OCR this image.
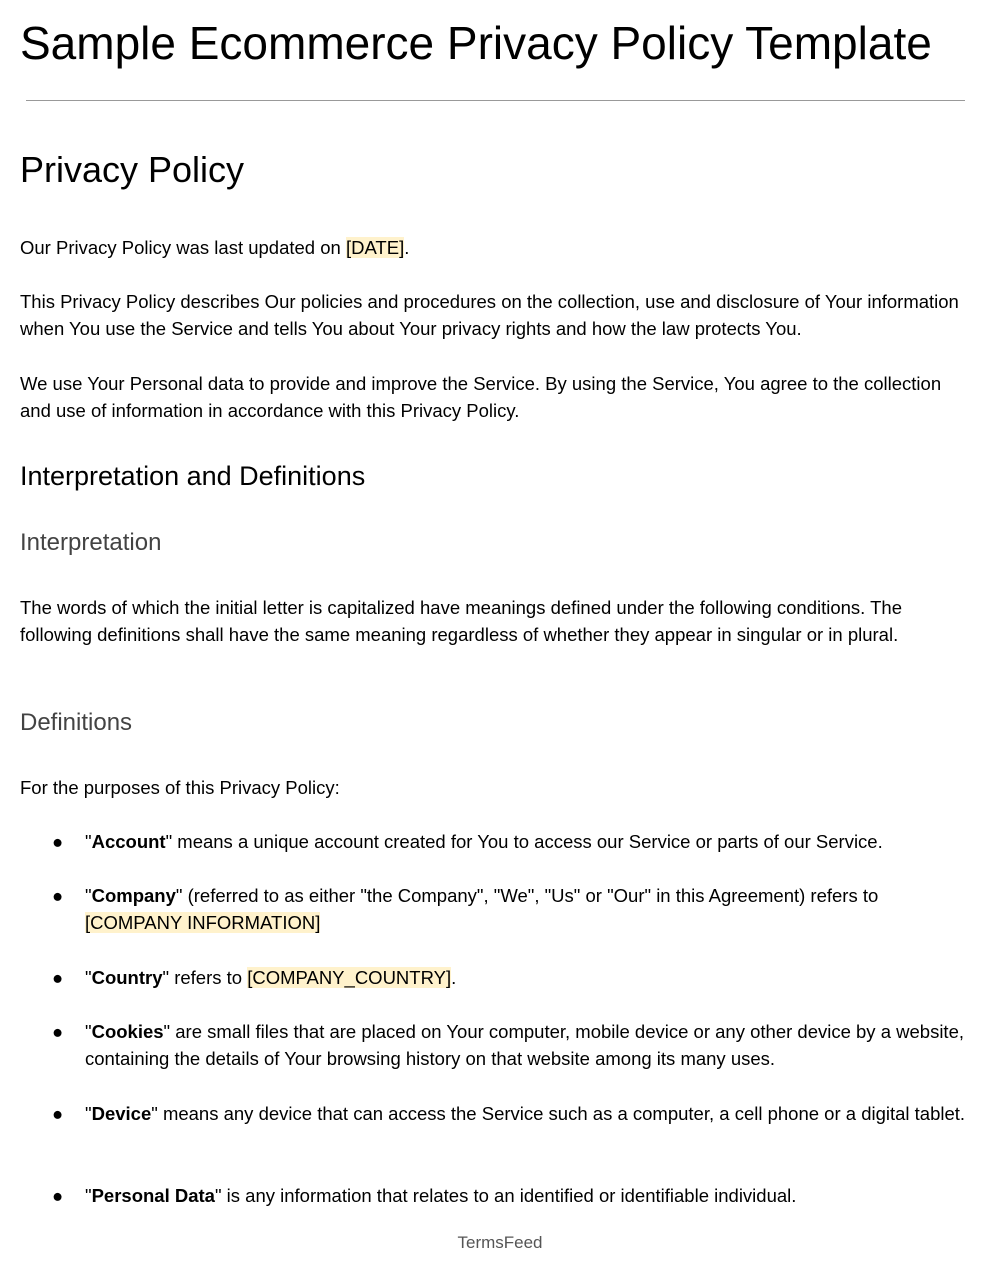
Sample Ecommerce Privacy Policy Template
Privacy Policy

Our Privacy Policy was last updated on [DATE].

This Privacy Policy describes Our policies and procedures on the collection, use and disclosure of Your information when You use the Service and tells You about Your privacy rights and how the law protects You.

We use Your Personal data to provide and improve the Service. By using the Service, You agree to the collection and use of information in accordance with this Privacy Policy.

Interpretation and Definitions
Interpretation

The words of which the initial letter is capitalized have meanings defined under the following conditions. The following definitions shall have the same meaning regardless of whether they appear in singular or in plural.

Definitions

For the purposes of this Privacy Policy:

● "Account" means a unique account created for You to access our Service or parts of our Service.
● "Company" (referred to as either "the Company", "We", "Us" or "Our" in this Agreement) refers to [COMPANY INFORMATION]
● "Country" refers to [COMPANY_COUNTRY].
● "Cookies" are small files that are placed on Your computer, mobile device or any other device by a website, containing the details of Your browsing history on that website among its many uses.
● "Device" means any device that can access the Service such as a computer, a cell phone or a digital tablet.
● "Personal Data" is any information that relates to an identified or identifiable individual.
TermsFeed
